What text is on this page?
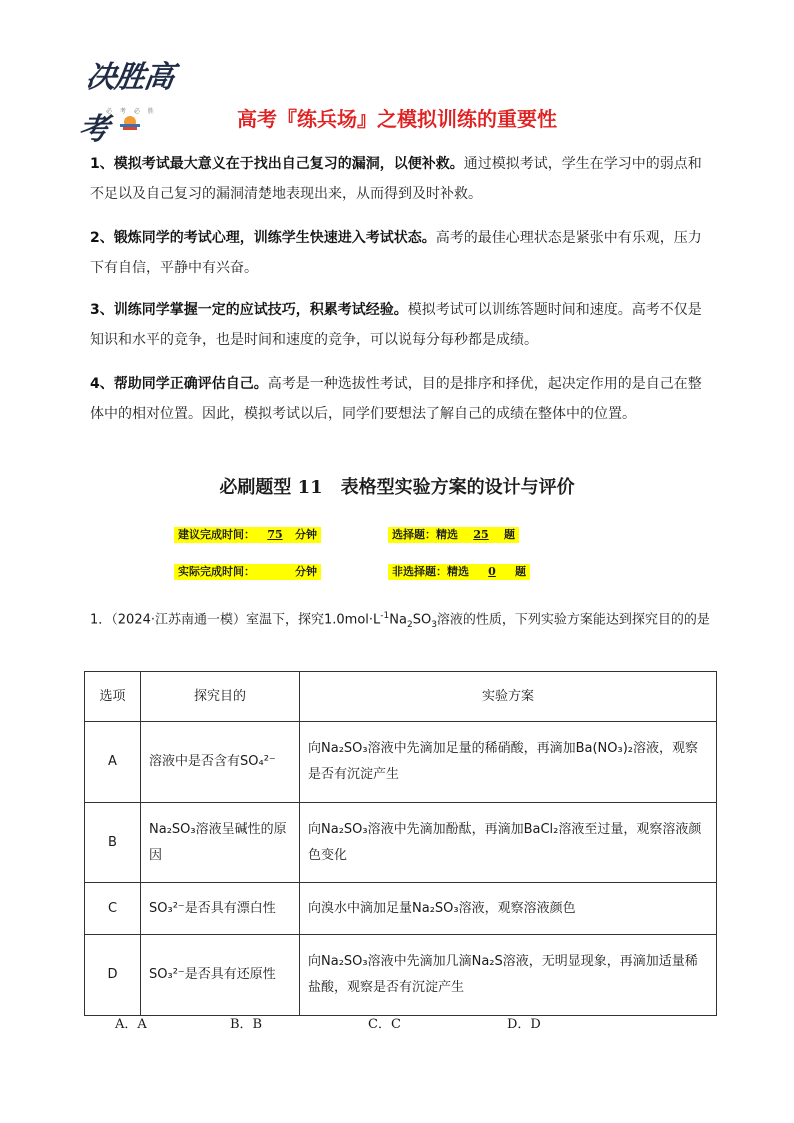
决胜高考
必 考 必 胜	高考『练兵场』之模拟训练的重要性
1、模拟考试最大意义在于找出自己复习的漏洞，以便补救。通过模拟考试，学生在学习中的弱点和不足以及自己复习的漏洞清楚地表现出来，从而得到及时补救。
2、锻炼同学的考试心理，训练学生快速进入考试状态。高考的最佳心理状态是紧张中有乐观，压力下有自信，平静中有兴奋。
3、训练同学掌握一定的应试技巧，积累考试经验。模拟考试可以训练答题时间和速度。高考不仅是知识和水平的竞争，也是时间和速度的竞争，可以说每分每秒都是成绩。
4、帮助同学正确评估自己。高考是一种选拔性考试，目的是排序和择优，起决定作用的是自己在整体中的相对位置。因此，模拟考试以后，同学们要想法了解自己的成绩在整体中的位置。
必刷题型 11　表格型实验方案的设计与评价
建议完成时间： 75 分钟	选择题：精选 25 题
实际完成时间：	分钟	非选择题：精选 0 题
1．（2024·江苏南通一模）室温下，探究$1.0mol\cdot L^{-1}Na_2SO_3$溶液的性质，下列实验方案能达到探究目的的是
选项	探究目的	实验方案
A	溶液中是否含有SO₄²⁻	向Na₂SO₃溶液中先滴加足量的稀硝酸，再滴加Ba(NO₃)₂溶液，观察是否有沉淀产生
B	Na₂SO₃溶液呈碱性的原因	向Na₂SO₃溶液中先滴加酚酞，再滴加BaCl₂溶液至过量，观察溶液颜色变化
C	SO₃²⁻是否具有漂白性	向溴水中滴加足量Na₂SO₃溶液，观察溶液颜色
D	SO₃²⁻是否具有还原性	向Na₂SO₃溶液中先滴加几滴Na₂S溶液，无明显现象，再滴加适量稀盐酸，观察是否有沉淀产生
A．A	B．B	C．C	D．D
